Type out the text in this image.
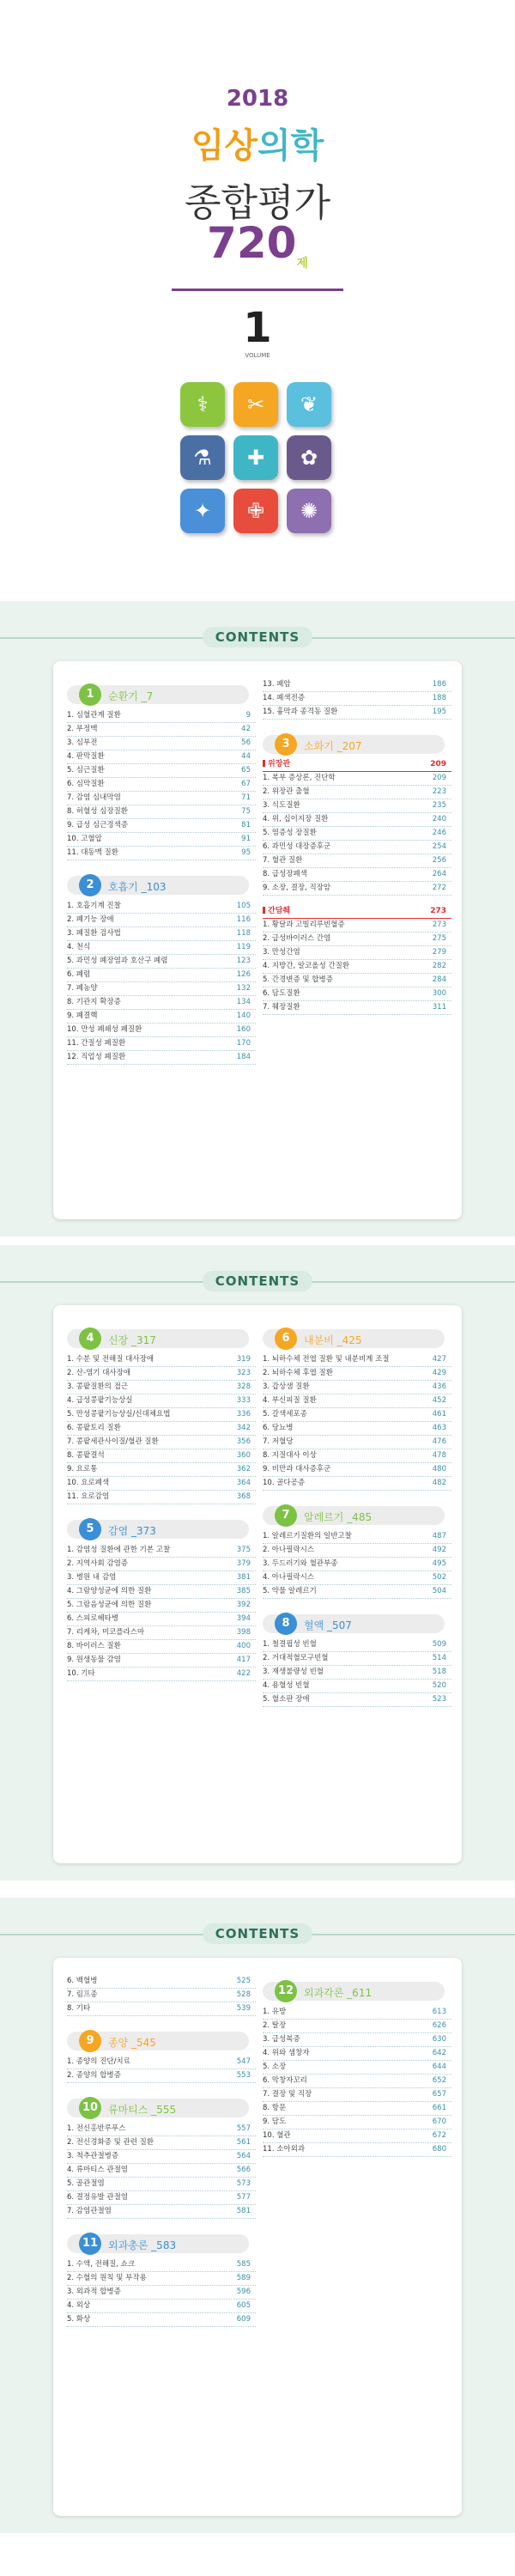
2018
임상의학
종합평가
$720_제$
1
VOLUME
⚕	✂	❦
⚗	✚	✿
✦	✙	✺
CONTENTS
1	순환기 _7
1. 심혈관계 질환	9
2. 부정맥	42
3. 심부전	56
4. 판막질환	44
5. 심근질환	65
6. 심막질환	67
7. 감염 심내막염	71
8. 허혈성 심장질환	75
9. 급성 심근경색증	81
10. 고혈압	91
11. 대동맥 질환	95
2	호흡기 _103
1. 호흡기계 진찰	105
2. 폐기능 장애	116
3. 폐질환 검사법	118
4. 천식	119
5. 과민성 폐장염과 호산구 폐렴	123
6. 폐렴	126
7. 폐농양	132
8. 기관지 확장증	134
9. 폐결핵	140
10. 만성 폐쇄성 폐질환	160
11. 간질성 폐질환	170
12. 직업성 폐질환	184
13. 폐암	186
14. 폐색전증	188
15. 흉막과 종격동 질환	195
3	소화기 _207
위장관	209
1. 복부 증상론, 진단학	209
2. 위장관 출혈	223
3. 식도질환	235
4. 위, 십이지장 질환	240
5. 염증성 장질환	246
6. 과민성 대장증후군	254
7. 혈관 질환	256
8. 급성장폐색	264
9. 소장, 결장, 직장암	272
간담췌	273
1. 황달과 고빌리루빈혈증	273
2. 급성바이러스 간염	275
3. 만성간염	279
4. 지방간, 알코올성 간질환	282
5. 간경변증 및 합병증	284
6. 담도질환	300
7. 췌장질환	311
CONTENTS
4	신장 _317
1. 수분 및 전해질 대사장애	319
2. 산-염기 대사장애	323
3. 콩팥질환의 접근	328
4. 급성콩팥기능상실	333
5. 만성콩팥기능상실/신대체요법	336
6. 콩팥토리 질환	342
7. 콩팥세관사이질/혈관 질환	356
8. 콩팥결석	360
9. 요로통	362
10. 요로폐색	364
11. 요로감염	368
5	감염 _373
1. 감염성 질환에 관한 기본 고찰	375
2. 지역사회 감염증	379
3. 병원 내 감염	381
4. 그람양성균에 의한 질환	385
5. 그람음성균에 의한 질환	392
6. 스피로헤타병	394
7. 리케차, 미코플라스마	398
8. 바이러스 질환	400
9. 원생동물 감염	417
10. 기타	422
6	내분비 _425
1. 뇌하수체 전엽 질환 및 내분비계 조절	427
2. 뇌하수체 후엽 질환	429
3. 갑상샘 질환	436
4. 부신피질 질환	452
5. 갈색세포종	461
6. 당뇨병	463
7. 저혈당	476
8. 지질대사 이상	478
9. 비만과 대사증후군	480
10. 골다공증	482
7	알레르기 _485
1. 알레르기질환의 일반고찰	487
2. 아나필락시스	492
3. 두드러기와 혈관부종	495
4. 아나필락시스	502
5. 약물 알레르기	504
8	혈액 _507
1. 철결핍성 빈혈	509
2. 거대적혈모구빈혈	514
3. 재생불량성 빈혈	518
4. 용혈성 빈혈	520
5. 혈소판 장애	523
CONTENTS
6. 백혈병	525
7. 림프종	528
8. 기타	539
9	종양 _545
1. 종양의 진단/치료	547
2. 종양의 합병증	553
10 류마티스 _555
1. 전신홍반루푸스	557
2. 전신경화증 및 관련 질환	561
3. 척추관절병증	564
4. 류마티스 관절염	566
5. 골관절염	573
6. 결정유발 관절염	577
7. 감염관절염	581
11 외과총론 _583
1. 수액, 전해질, 쇼크	585
2. 수혈의 원칙 및 부작용	589
3. 외과적 합병증	596
4. 외상	605
5. 화상	609
12 외과각론 _611
1. 유방	613
2. 탈장	626
3. 급성복증	630
4. 위와 샘창자	642
5. 소장	644
6. 막창자꼬리	652
7. 결장 및 직장	657
8. 항문	661
9. 담도	670
10. 혈관	672
11. 소아외과	680
